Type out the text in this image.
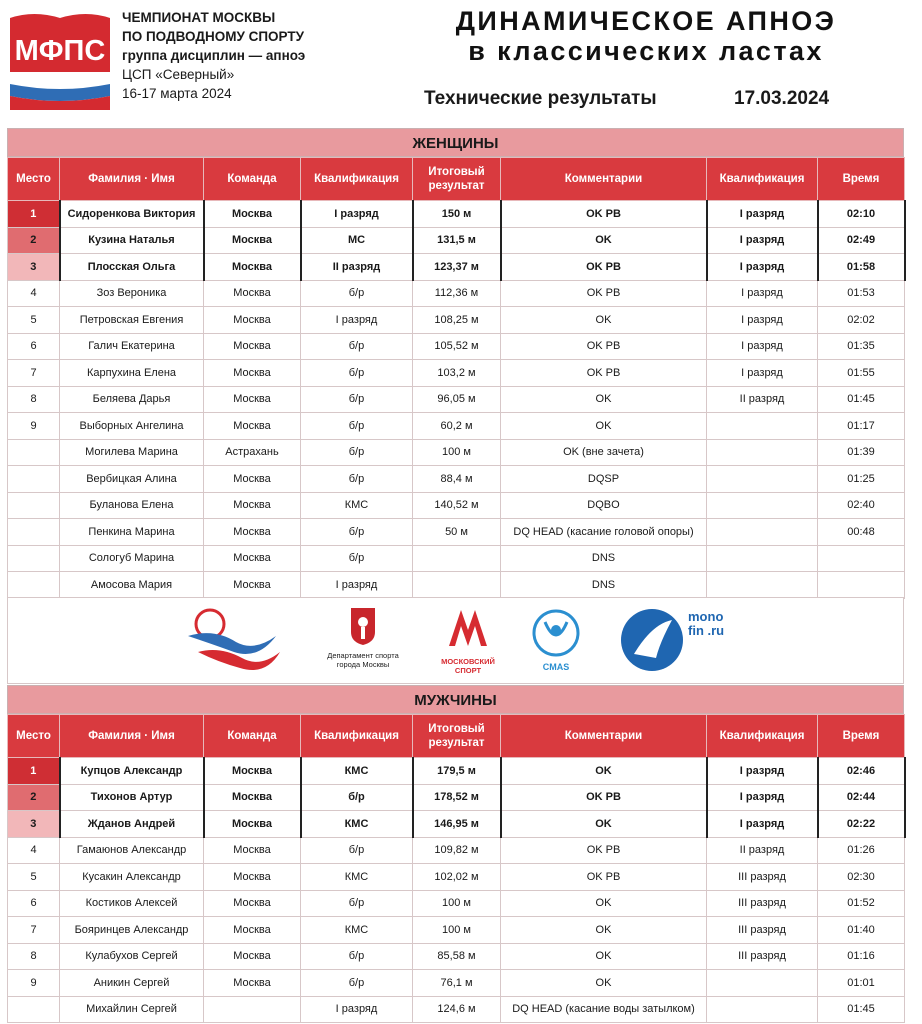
МФПС
ЧЕМПИОНАТ МОСКВЫ
ПО ПОДВОДНОМУ СПОРТУ
группа дисциплин — апноэ
ЦСП «Северный»
16-17 марта 2024
ДИНАМИЧЕСКОЕ АПНОЭ
в классических ластах
Технические результаты	17.03.2024
ЖЕНЩИНЫ
Место	Фамилия · Имя	Команда	Квалификация	Итоговый результат	Комментарии	Квалификация	Время
1	Сидоренкова Виктория	Москва	I разряд	150 м	OK РВ	I разряд	02:10
2	Кузина Наталья	Москва	МС	131,5 м	OK	I разряд	02:49
3	Плосская Ольга	Москва	II разряд	123,37 м	OK РВ	I разряд	01:58
4	Зоз Вероника	Москва	б/р	112,36 м	OK РВ	I разряд	01:53
5	Петровская Евгения	Москва	I разряд	108,25 м	OK	I разряд	02:02
6	Галич Екатерина	Москва	б/р	105,52 м	OK РВ	I разряд	01:35
7	Карпухина Елена	Москва	б/р	103,2 м	OK РВ	I разряд	01:55
8	Беляева Дарья	Москва	б/р	96,05 м	OK	II разряд	01:45
9	Выборных Ангелина	Москва	б/р	60,2 м	OK		01:17
	Могилева Марина	Астрахань	б/р	100 м	OK (вне зачета)		01:39
	Вербицкая Алина	Москва	б/р	88,4 м	DQSP		01:25
	Буланова Елена	Москва	КМС	140,52 м	DQBO		02:40
	Пенкина Марина	Москва	б/р	50 м	DQ HEAD (касание головой опоры)		00:48
	Сологуб Марина	Москва	б/р		DNS		
	Амосова Мария	Москва	I разряд		DNS		
Департамент спорта города Москвы	МОСКОВСКИЙ СПОРТ	CMAS
mono fin .ru
МУЖЧИНЫ
Место	Фамилия · Имя	Команда	Квалификация	Итоговый результат	Комментарии	Квалификация	Время
1	Купцов Александр	Москва	КМС	179,5 м	OK	I разряд	02:46
2	Тихонов Артур	Москва	б/р	178,52 м	OK РВ	I разряд	02:44
3	Жданов Андрей	Москва	КМС	146,95 м	OK	I разряд	02:22
4	Гамаюнов Александр	Москва	б/р	109,82 м	OK РВ	II разряд	01:26
5	Кусакин Александр	Москва	КМС	102,02 м	OK РВ	III разряд	02:30
6	Костиков Алексей	Москва	б/р	100 м	OK	III разряд	01:52
7	Бояринцев Александр	Москва	КМС	100 м	OK	III разряд	01:40
8	Кулабухов Сергей	Москва	б/р	85,58 м	OK	III разряд	01:16
9	Аникин Сергей	Москва	б/р	76,1 м	OK		01:01
	Михайлин Сергей		I разряд	124,6 м	DQ HEAD (касание воды затылком)		01:45
